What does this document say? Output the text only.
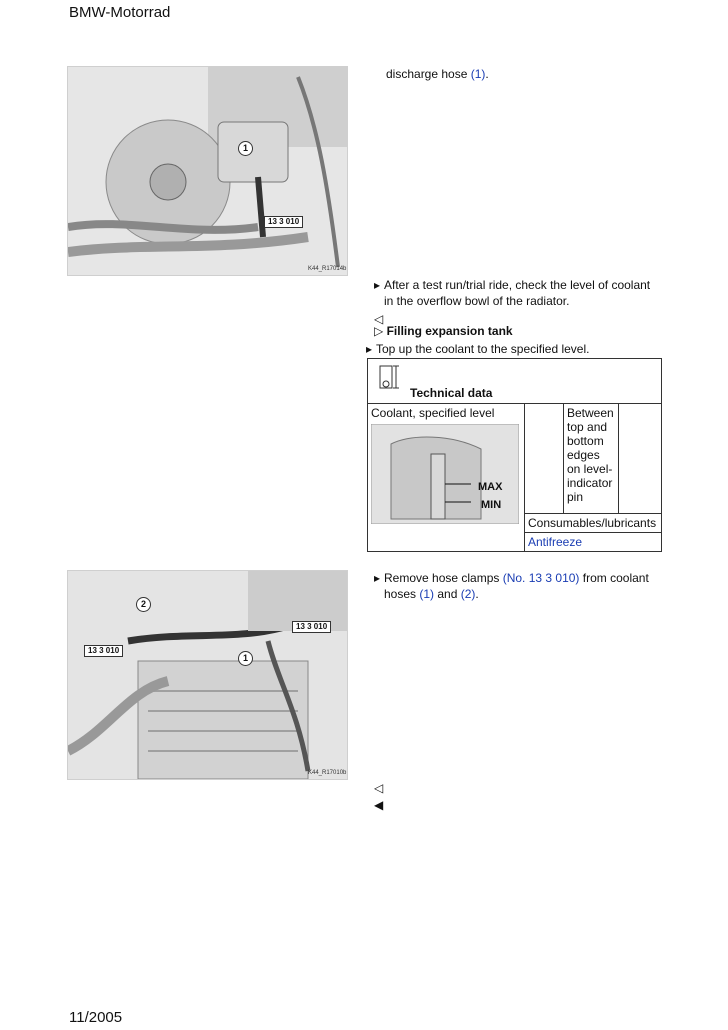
BMW-Motorrad
1
13 3 010
K44_R17014b
discharge hose (1).
▸ After a test run/trial ride, check the level of coolant in the overflow bowl of the radiator.
◁
▷ Filling expansion tank
▸ Top up the coolant to the specified level.
Technical data

Coolant, specified level
MAX
MIN
		Between top and bottom edges on level-indicator pin	
Consumables/lubricants
Antifreeze
2
1
13 3 010
13 3 010
K44_R17010b
▸ Remove hose clamps (No. 13 3 010) from coolant hoses (1) and (2).
◁
◀
11/2005
